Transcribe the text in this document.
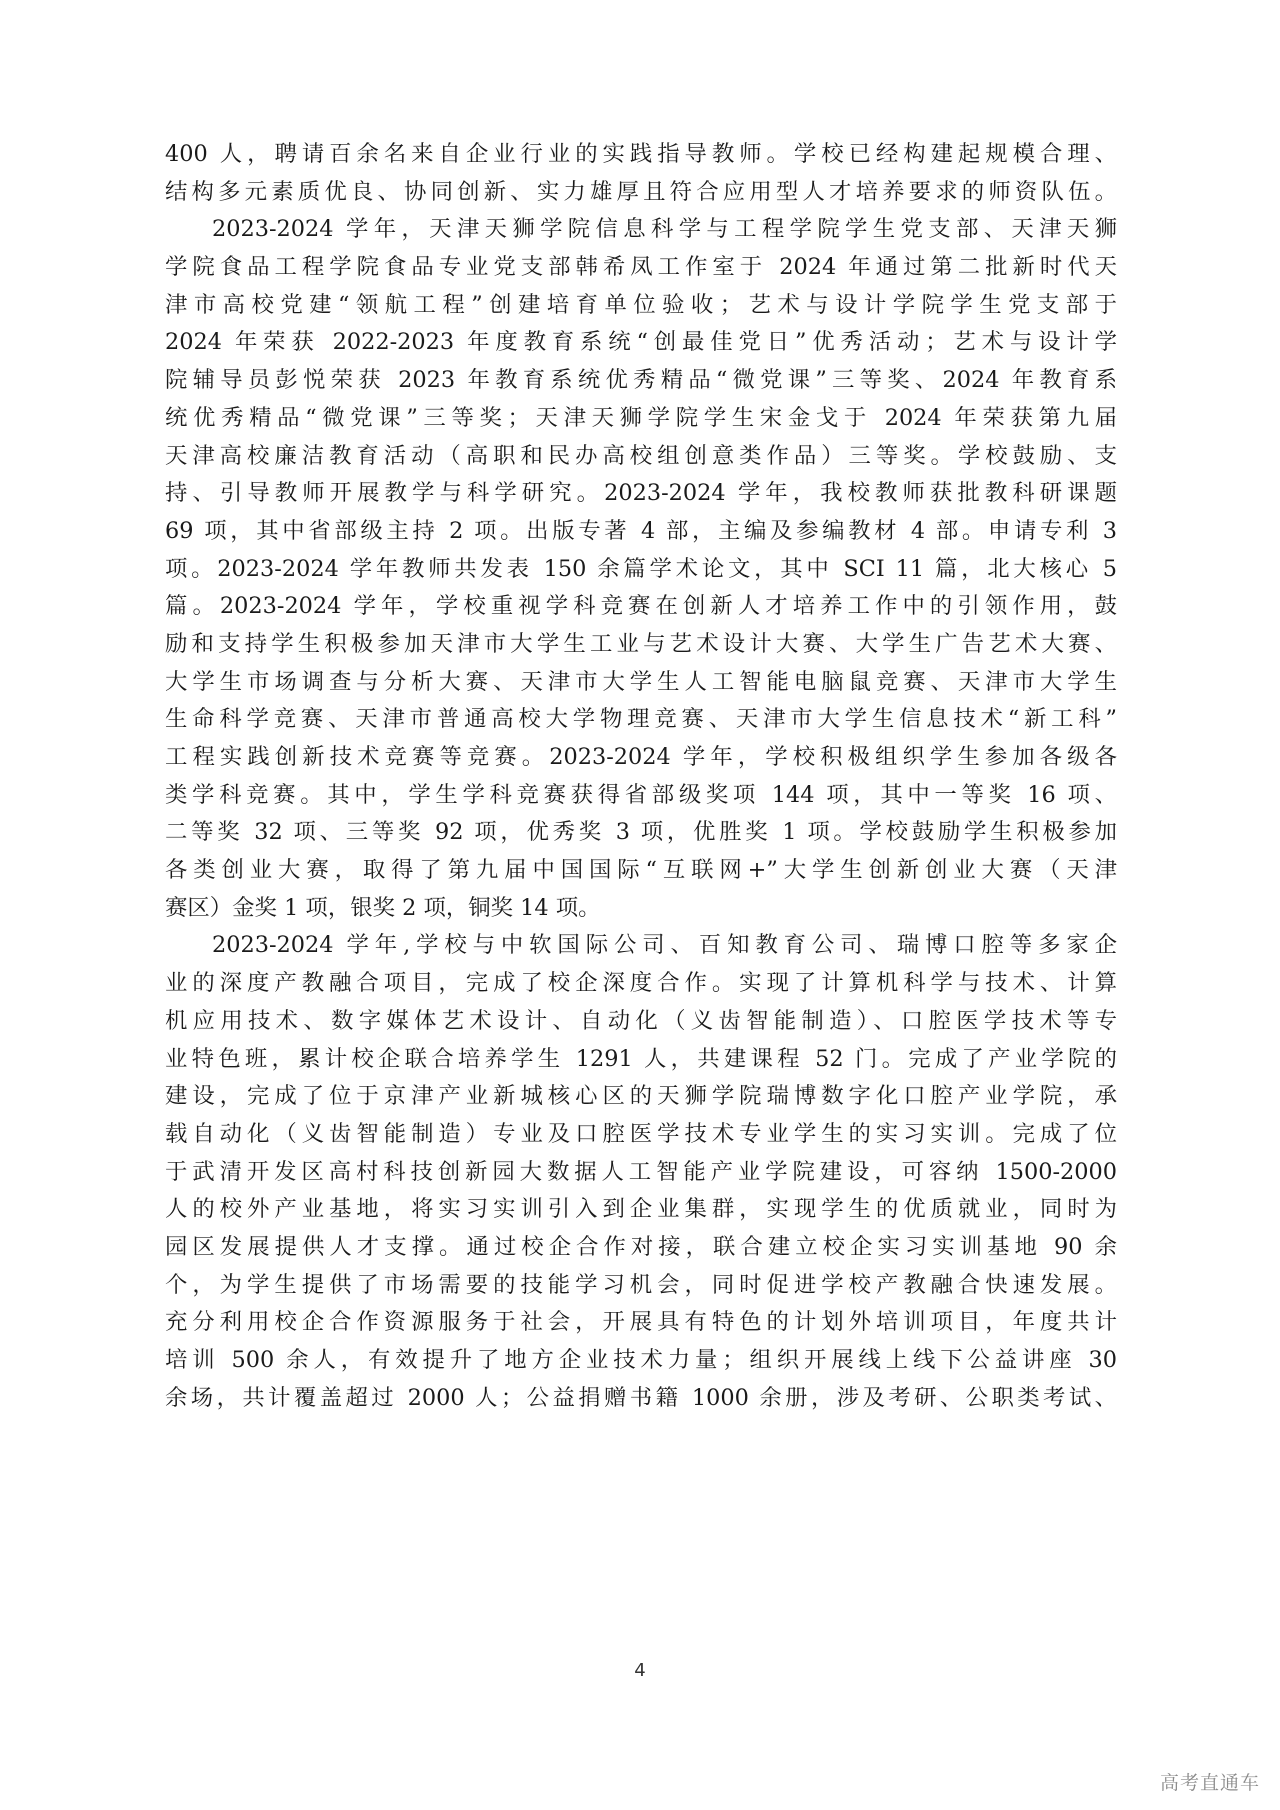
400 人，聘请百余名来自企业行业的实践指导教师。学校已经构建起规模合理、
结构多元素质优良、协同创新、实力雄厚且符合应用型人才培养要求的师资队伍。
2023-2024 学年，天津天狮学院信息科学与工程学院学生党支部、天津天狮
学院食品工程学院食品专业党支部韩希凤工作室于 2024 年通过第二批新时代天
津市高校党建“领航工程”创建培育单位验收；艺术与设计学院学生党支部于
2024 年荣获 2022-2023 年度教育系统“创最佳党日”优秀活动；艺术与设计学
院辅导员彭悦荣获 2023 年教育系统优秀精品“微党课”三等奖、2024 年教育系
统优秀精品“微党课”三等奖；天津天狮学院学生宋金戈于 2024 年荣获第九届
天津高校廉洁教育活动（高职和民办高校组创意类作品）三等奖。学校鼓励、支
持、引导教师开展教学与科学研究。2023-2024 学年，我校教师获批教科研课题
69 项，其中省部级主持 2 项。出版专著 4 部，主编及参编教材 4 部。申请专利 3
项。2023-2024 学年教师共发表 150 余篇学术论文，其中 SCI 11 篇，北大核心 5
篇。2023-2024 学年，学校重视学科竞赛在创新人才培养工作中的引领作用，鼓
励和支持学生积极参加天津市大学生工业与艺术设计大赛、大学生广告艺术大赛、
大学生市场调查与分析大赛、天津市大学生人工智能电脑鼠竞赛、天津市大学生
生命科学竞赛、天津市普通高校大学物理竞赛、天津市大学生信息技术“新工科”
工程实践创新技术竞赛等竞赛。2023-2024 学年，学校积极组织学生参加各级各
类学科竞赛。其中，学生学科竞赛获得省部级奖项 144 项，其中一等奖 16 项、
二等奖 32 项、三等奖 92 项，优秀奖 3 项，优胜奖 1 项。学校鼓励学生积极参加
各类创业大赛，取得了第九届中国国际“互联网+”大学生创新创业大赛（天津
赛区）金奖 1 项，银奖 2 项，铜奖 14 项。
2023-2024 学年,学校与中软国际公司、百知教育公司、瑞博口腔等多家企
业的深度产教融合项目，完成了校企深度合作。实现了计算机科学与技术、计算
机应用技术、数字媒体艺术设计、自动化（义齿智能制造）、口腔医学技术等专
业特色班，累计校企联合培养学生 1291 人，共建课程 52 门。完成了产业学院的
建设，完成了位于京津产业新城核心区的天狮学院瑞博数字化口腔产业学院，承
载自动化（义齿智能制造）专业及口腔医学技术专业学生的实习实训。完成了位
于武清开发区高村科技创新园大数据人工智能产业学院建设，可容纳 1500-2000
人的校外产业基地，将实习实训引入到企业集群，实现学生的优质就业，同时为
园区发展提供人才支撑。通过校企合作对接，联合建立校企实习实训基地 90 余
个，为学生提供了市场需要的技能学习机会，同时促进学校产教融合快速发展。
充分利用校企合作资源服务于社会，开展具有特色的计划外培训项目，年度共计
培训 500 余人，有效提升了地方企业技术力量；组织开展线上线下公益讲座 30
余场，共计覆盖超过 2000 人；公益捐赠书籍 1000 余册，涉及考研、公职类考试、
4
高考直通车
